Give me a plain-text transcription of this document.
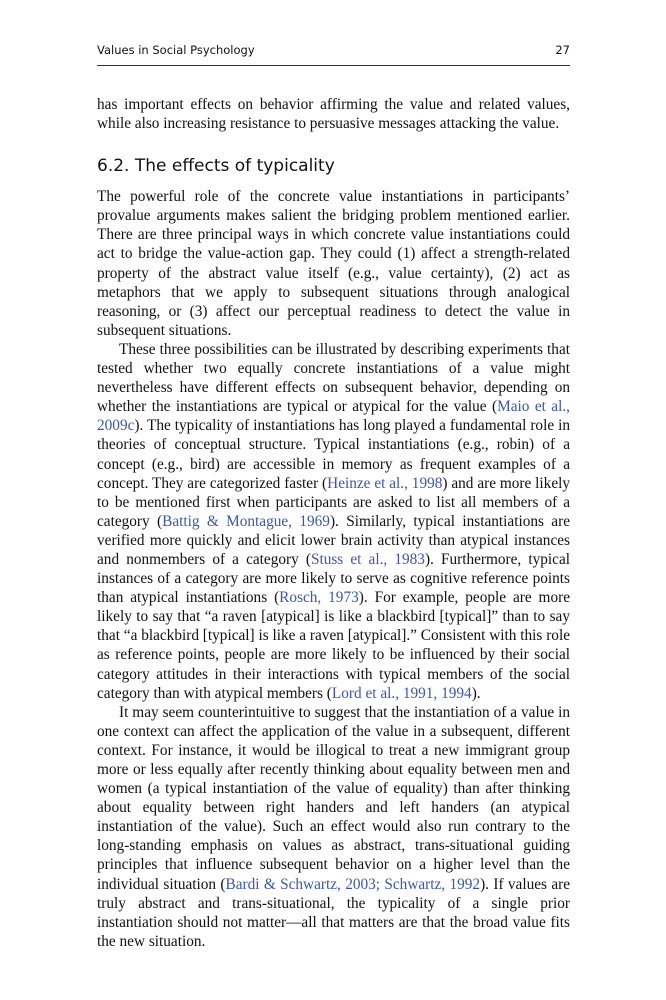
Values in Social Psychology	27

has important effects on behavior affirming the value and related values, while also increasing resistance to persuasive messages attacking the value.

6.2. The effects of typicality

The powerful role of the concrete value instantiations in participants’ provalue arguments makes salient the bridging problem mentioned earlier. There are three principal ways in which concrete value instantiations could act to bridge the value-action gap. They could (1) affect a strength-related property of the abstract value itself (e.g., value certainty), (2) act as metaphors that we apply to subsequent situations through analogical reasoning, or (3) affect our perceptual readiness to detect the value in subsequent situations.

These three possibilities can be illustrated by describing experiments that tested whether two equally concrete instantiations of a value might nevertheless have different effects on subsequent behavior, depending on whether the instantiations are typical or atypical for the value (Maio et al., 2009c). The typicality of instantiations has long played a fundamental role in theories of conceptual structure. Typical instantiations (e.g., robin) of a concept (e.g., bird) are accessible in memory as frequent examples of a concept. They are categorized faster (Heinze et al., 1998) and are more likely to be mentioned first when participants are asked to list all members of a category (Battig & Montague, 1969). Similarly, typical instantiations are verified more quickly and elicit lower brain activity than atypical instances and nonmembers of a category (Stuss et al., 1983). Furthermore, typical instances of a category are more likely to serve as cognitive reference points than atypical instantiations (Rosch, 1973). For example, people are more likely to say that “a raven [atypical] is like a blackbird [typical]” than to say that “a blackbird [typical] is like a raven [atypical].” Consistent with this role as reference points, people are more likely to be influenced by their social category attitudes in their interactions with typical members of the social category than with atypical members (Lord et al., 1991, 1994).

It may seem counterintuitive to suggest that the instantiation of a value in one context can affect the application of the value in a subsequent, different context. For instance, it would be illogical to treat a new immigrant group more or less equally after recently thinking about equality between men and women (a typical instantiation of the value of equality) than after thinking about equality between right handers and left handers (an atypical instantiation of the value). Such an effect would also run contrary to the long-standing emphasis on values as abstract, trans-situational guiding principles that influence subsequent behavior on a higher level than the individual situation (Bardi & Schwartz, 2003; Schwartz, 1992). If values are truly abstract and trans-situational, the typicality of a single prior instantiation should not matter—all that matters are that the broad value fits the new situation.
